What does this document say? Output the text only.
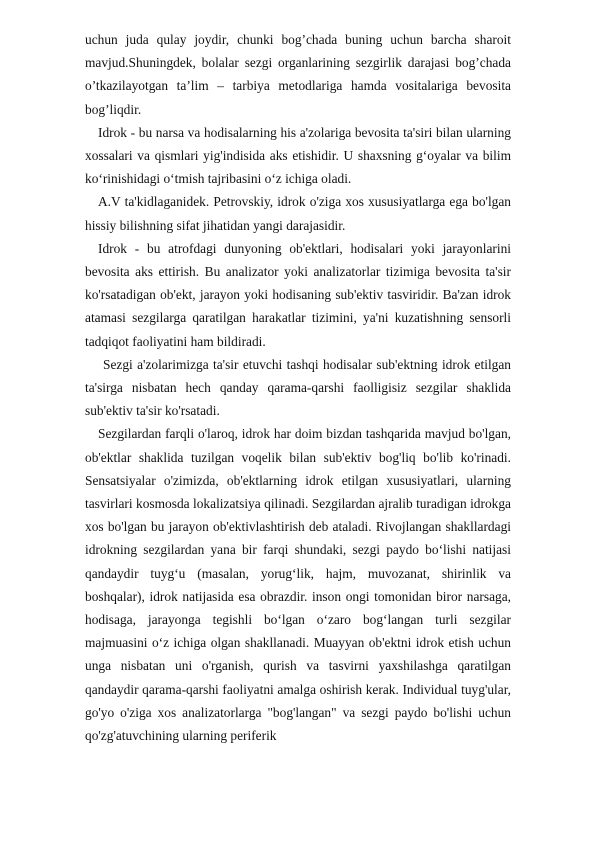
uchun juda qulay joydir, chunki bog’chada buning uchun barcha sharoit mavjud.Shuningdek, bolalar sezgi organlarining sezgirlik darajasi bog’chada o’tkazilayotgan ta’lim – tarbiya metodlariga hamda vositalariga bevosita bog’liqdir.

Idrok - bu narsa va hodisalarning his a'zolariga bevosita ta'siri bilan ularning xossalari va qismlari yig'indisida aks etishidir. U shaxsning g‘oyalar va bilim ko‘rinishidagi o‘tmish tajribasini o‘z ichiga oladi.

A.V ta'kidlaganidek. Petrovskiy, idrok o'ziga xos xususiyatlarga ega bo'lgan hissiy bilishning sifat jihatidan yangi darajasidir.

Idrok - bu atrofdagi dunyoning ob'ektlari, hodisalari yoki jarayonlarini bevosita aks ettirish. Bu analizator yoki analizatorlar tizimiga bevosita ta'sir ko'rsatadigan ob'ekt, jarayon yoki hodisaning sub'ektiv tasviridir. Ba'zan idrok atamasi sezgilarga qaratilgan harakatlar tizimini, ya'ni kuzatishning sensorli tadqiqot faoliyatini ham bildiradi.

Sezgi a'zolarimizga ta'sir etuvchi tashqi hodisalar sub'ektning idrok etilgan ta'sirga nisbatan hech qanday qarama-qarshi faolligisiz sezgilar shaklida sub'ektiv ta'sir ko'rsatadi.

Sezgilardan farqli o'laroq, idrok har doim bizdan tashqarida mavjud bo'lgan, ob'ektlar shaklida tuzilgan voqelik bilan sub'ektiv bog'liq bo'lib ko'rinadi. Sensatsiyalar o'zimizda, ob'ektlarning idrok etilgan xususiyatlari, ularning tasvirlari kosmosda lokalizatsiya qilinadi. Sezgilardan ajralib turadigan idrokga xos bo'lgan bu jarayon ob'ektivlashtirish deb ataladi. Rivojlangan shakllardagi idrokning sezgilardan yana bir farqi shundaki, sezgi paydo bo‘lishi natijasi qandaydir tuyg‘u (masalan, yorug‘lik, hajm, muvozanat, shirinlik va boshqalar), idrok natijasida esa obrazdir. inson ongi tomonidan biror narsaga, hodisaga, jarayonga tegishli bo‘lgan o‘zaro bog‘langan turli sezgilar majmuasini o‘z ichiga olgan shakllanadi. Muayyan ob'ektni idrok etish uchun unga nisbatan uni o'rganish, qurish va tasvirni yaxshilashga qaratilgan qandaydir qarama-qarshi faoliyatni amalga oshirish kerak. Individual tuyg'ular, go'yo o'ziga xos analizatorlarga "bog'langan" va sezgi paydo bo'lishi uchun qo'zg'atuvchining ularning periferik
